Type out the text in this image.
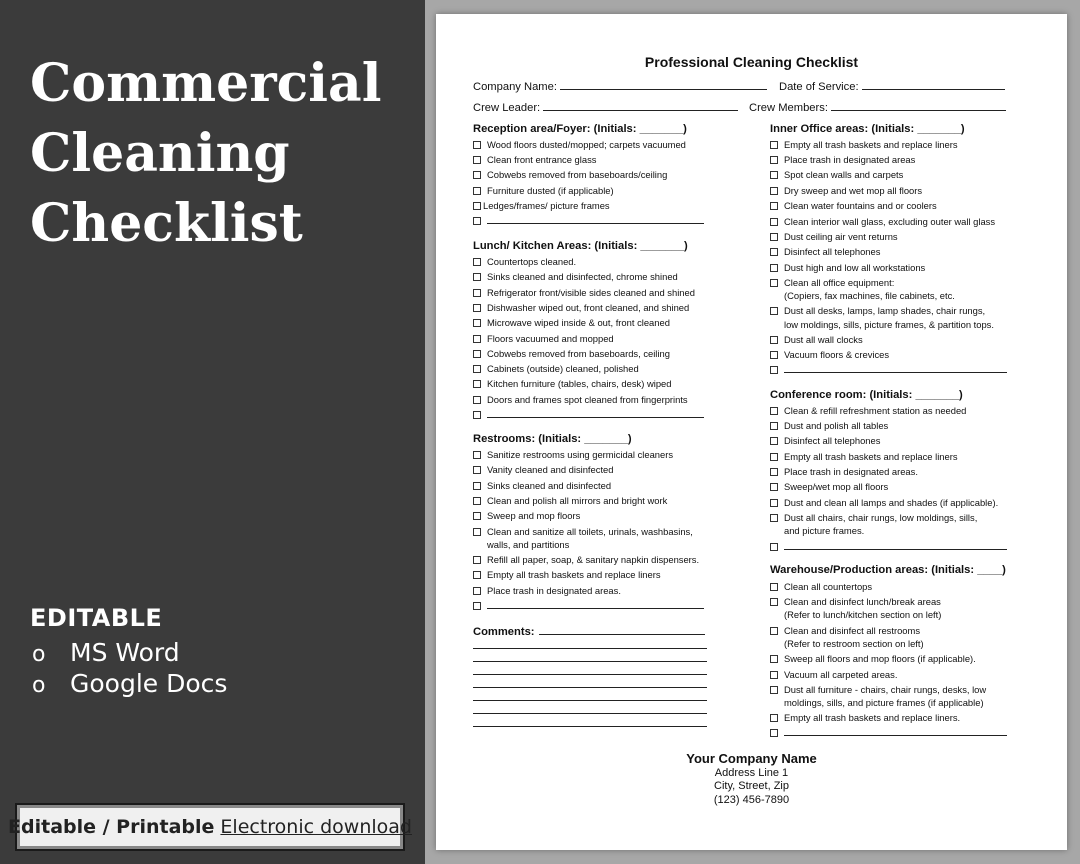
Commercial
Cleaning
Checklist
EDITABLE
o MS Word
o Google Docs
Editable / Printable Electronic download
Professional Cleaning Checklist
Company Name:	Date of Service:
Crew Leader:	Crew Members:
Reception area/Foyer: (Initials: _______)
Wood floors dusted/mopped; carpets vacuumed
Clean front entrance glass
Cobwebs removed from baseboards/ceiling
Furniture dusted (if applicable)
Ledges/frames/ picture frames
Lunch/ Kitchen Areas: (Initials: _______)
Countertops cleaned.
Sinks cleaned and disinfected, chrome shined
Refrigerator front/visible sides cleaned and shined
Dishwasher wiped out, front cleaned, and shined
Microwave wiped inside & out, front cleaned
Floors vacuumed and mopped
Cobwebs removed from baseboards, ceiling
Cabinets (outside) cleaned, polished
Kitchen furniture (tables, chairs, desk) wiped
Doors and frames spot cleaned from fingerprints
Restrooms: (Initials: _______)
Sanitize restrooms using germicidal cleaners
Vanity cleaned and disinfected
Sinks cleaned and disinfected
Clean and polish all mirrors and bright work
Sweep and mop floors
Clean and sanitize all toilets, urinals, washbasins,
walls, and partitions
Refill all paper, soap, & sanitary napkin dispensers.
Empty all trash baskets and replace liners
Place trash in designated areas.
Comments:
Inner Office areas: (Initials: _______)
Empty all trash baskets and replace liners
Place trash in designated areas
Spot clean walls and carpets
Dry sweep and wet mop all floors
Clean water fountains and or coolers
Clean interior wall glass, excluding outer wall glass
Dust ceiling air vent returns
Disinfect all telephones
Dust high and low all workstations
Clean all office equipment:
(Copiers, fax machines, file cabinets, etc.
Dust all desks, lamps, lamp shades, chair rungs,
low moldings, sills, picture frames, & partition tops.
Dust all wall clocks
Vacuum floors & crevices
Conference room: (Initials: _______)
Clean & refill refreshment station as needed
Dust and polish all tables
Disinfect all telephones
Empty all trash baskets and replace liners
Place trash in designated areas.
Sweep/wet mop all floors
Dust and clean all lamps and shades (if applicable).
Dust all chairs, chair rungs, low moldings, sills,
and picture frames.
Warehouse/Production areas: (Initials: ____)
Clean all countertops
Clean and disinfect lunch/break areas
(Refer to lunch/kitchen section on left)
Clean and disinfect all restrooms
(Refer to restroom section on left)
Sweep all floors and mop floors (if applicable).
Vacuum all carpeted areas.
Dust all furniture - chairs, chair rungs, desks, low
moldings, sills, and picture frames (if applicable)
Empty all trash baskets and replace liners.
Your Company Name
Address Line 1
City, Street, Zip
(123) 456-7890
